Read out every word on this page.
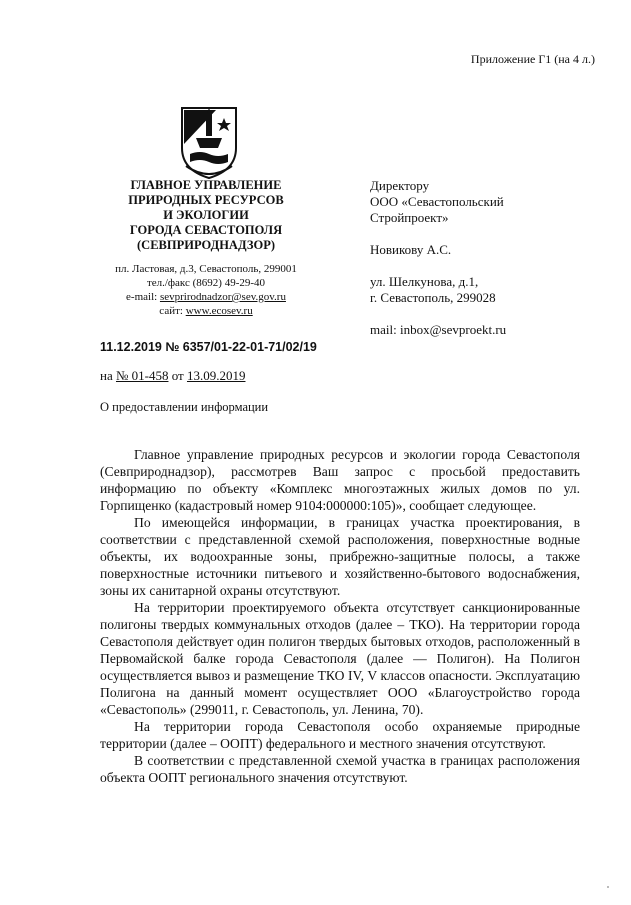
Приложение Г1 (на 4 л.)
ГЛАВНОЕ УПРАВЛЕНИЕ
ПРИРОДНЫХ РЕСУРСОВ
И ЭКОЛОГИИ
ГОРОДА СЕВАСТОПОЛЯ
(СЕВПРИРОДНАДЗОР)
пл. Ластовая, д.3, Севастополь, 299001
тел./факс (8692) 49-29-40
e-mail: sevprirodnadzor@sev.gov.ru
сайт: www.ecosev.ru
Директору
ООО «Севастопольский
Стройпроект»
Новикову А.С.
ул. Шелкунова, д.1,
г. Севастополь, 299028
mail: inbox@sevproekt.ru
11.12.2019 № 6357/01-22-01-71/02/19
на № 01-458 от 13.09.2019
О предоставлении информации

Главное управление природных ресурсов и экологии города Севастополя (Севприроднадзор), рассмотрев Ваш запрос с просьбой предоставить информацию по объекту «Комплекс многоэтажных жилых домов по ул. Горпищенко (кадастровый номер 9104:000000:105)», сообщает следующее.

По имеющейся информации, в границах участка проектирования, в соответствии с представленной схемой расположения, поверхностные водные объекты, их водоохранные зоны, прибрежно-защитные полосы, а также поверхностные источники питьевого и хозяйственно-бытового водоснабжения, зоны их санитарной охраны отсутствуют.

На территории проектируемого объекта отсутствует санкционированные полигоны твердых коммунальных отходов (далее – ТКО). На территории города Севастополя действует один полигон твердых бытовых отходов, расположенный в Первомайской балке города Севастополя (далее — Полигон). На Полигон осуществляется вывоз и размещение ТКО IV, V классов опасности. Эксплуатацию Полигона на данный момент осуществляет ООО «Благоустройство города «Севастополь» (299011, г. Севастополь, ул. Ленина, 70).

На территории города Севастополя особо охраняемые природные территории (далее – ООПТ) федерального и местного значения отсутствуют.

В соответствии с представленной схемой участка в границах расположения объекта ООПТ регионального значения отсутствуют.
